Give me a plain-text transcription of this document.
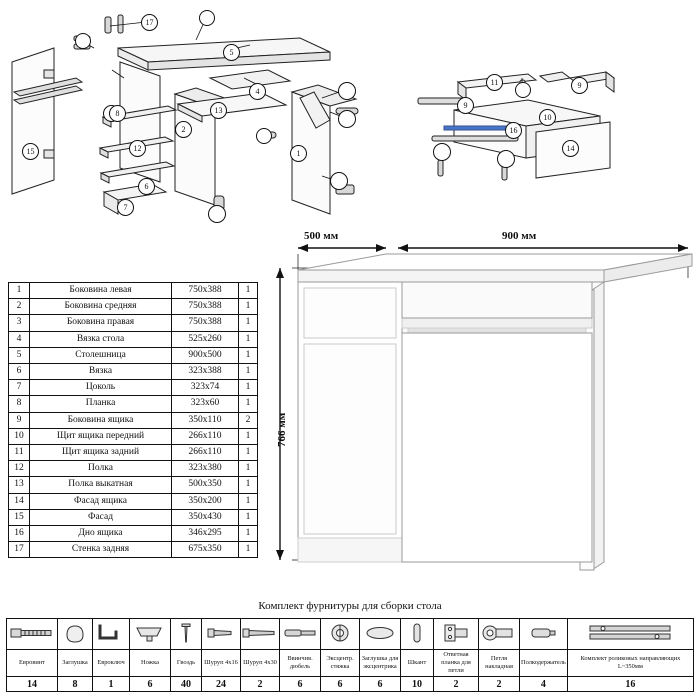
17
5
4
13
1
2
6
7
8
12
15
11
9
9
10
14
16
1	Боковина левая	750х388	1
2	Боковина средняя	750х388	1
3	Боковина правая	750х388	1
4	Вязка стола	525х260	1
5	Столешница	900х500	1
6	Вязка	323х388	1
7	Цоколь	323х74	1
8	Планка	323х60	1
9	Боковина ящика	350х110	2
10	Щит ящика передний	266х110	1
11	Щит ящика задний	266х110	1
12	Полка	323х380	1
13	Полка выкатная	500х350	1
14	Фасад ящика	350х200	1
15	Фасад	350х430	1
16	Дно ящика	346х295	1
17	Стенка задняя	675х350	1
900 мм
500 мм
766 мм
Комплект фурнитуры для сборки стола

Евровинт	Заглушка	Евроключ	Ножка	Гвоздь	Шуруп 4х16	Шуруп 4х30	Ввинчив. дюбель	Эксцентр. стяжка	Заглушка для эксцентрика	Шкант	Ответная планка для петли	Петля накладная	Полкодержатель	Комплект роликовых направляющих L~350мм
14	8	1	6	40	24	2	6	6	6	10	2	2	4	16
